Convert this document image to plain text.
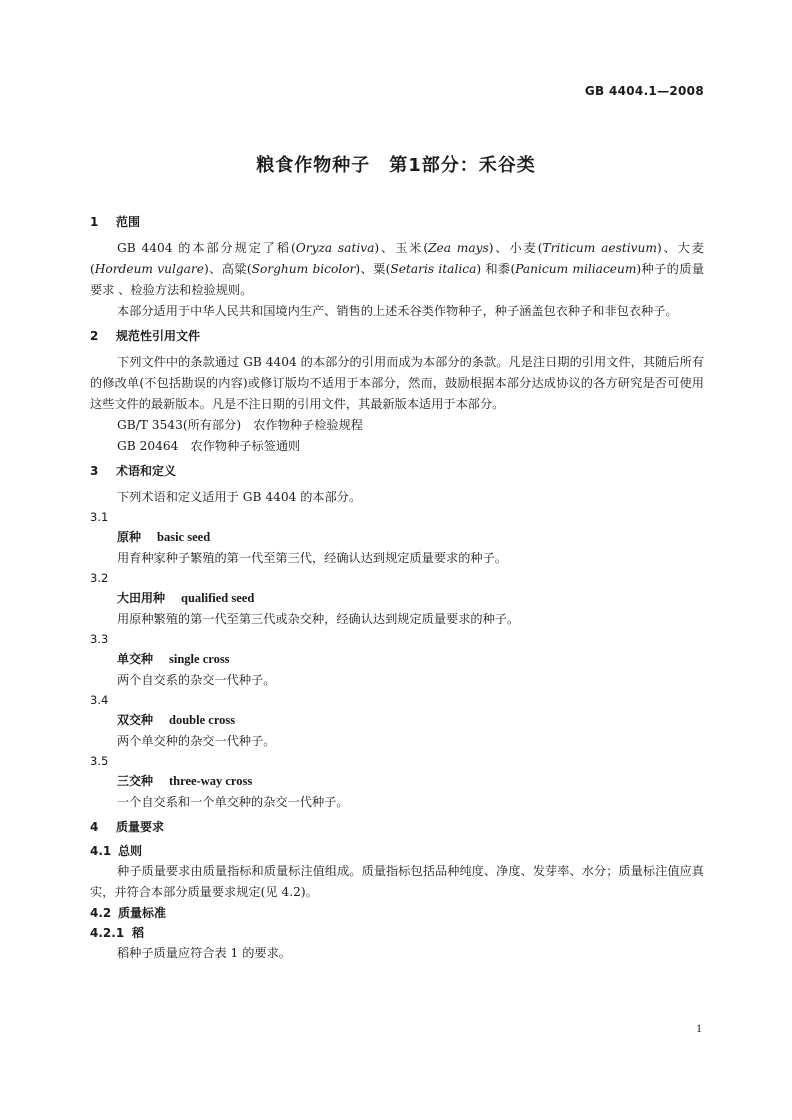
GB 4404.1—2008
粮食作物种子　第1部分：禾谷类
1 范围

GB 4404 的本部分规定了稻(Oryza sativa)、玉米(Zea mays)、小麦(Triticum aestivum)、大麦(Hordeum vulgare)、高粱(Sorghum bicolor)、粟(Setaris italica) 和黍(Panicum miliaceum)种子的质量要求 、检验方法和检验规则。

本部分适用于中华人民共和国境内生产、销售的上述禾谷类作物种子，种子涵盖包衣种子和非包衣种子。

2 规范性引用文件

下列文件中的条款通过 GB 4404 的本部分的引用而成为本部分的条款。凡是注日期的引用文件，其随后所有的修改单(不包括勘误的内容)或修订版均不适用于本部分，然而，鼓励根据本部分达成协议的各方研究是否可使用这些文件的最新版本。凡是不注日期的引用文件，其最新版本适用于本部分。

GB/T 3543(所有部分)　农作物种子检验规程

GB 20464　农作物种子标签通则

3 术语和定义

下列术语和定义适用于 GB 4404 的本部分。

3.1

原种 basic seed

用育种家种子繁殖的第一代至第三代，经确认达到规定质量要求的种子。

3.2

大田用种 qualified seed

用原种繁殖的第一代至第三代或杂交种，经确认达到规定质量要求的种子。

3.3

单交种 single cross

两个自交系的杂交一代种子。

3.4

双交种 double cross

两个单交种的杂交一代种子。

3.5

三交种 three-way cross

一个自交系和一个单交种的杂交一代种子。

4 质量要求
4.1 总则

种子质量要求由质量指标和质量标注值组成。质量指标包括品种纯度、净度、发芽率、水分；质量标注值应真实，并符合本部分质量要求规定(见 4.2)。

4.2 质量标准
4.2.1 稻

稻种子质量应符合表 1 的要求。

1
